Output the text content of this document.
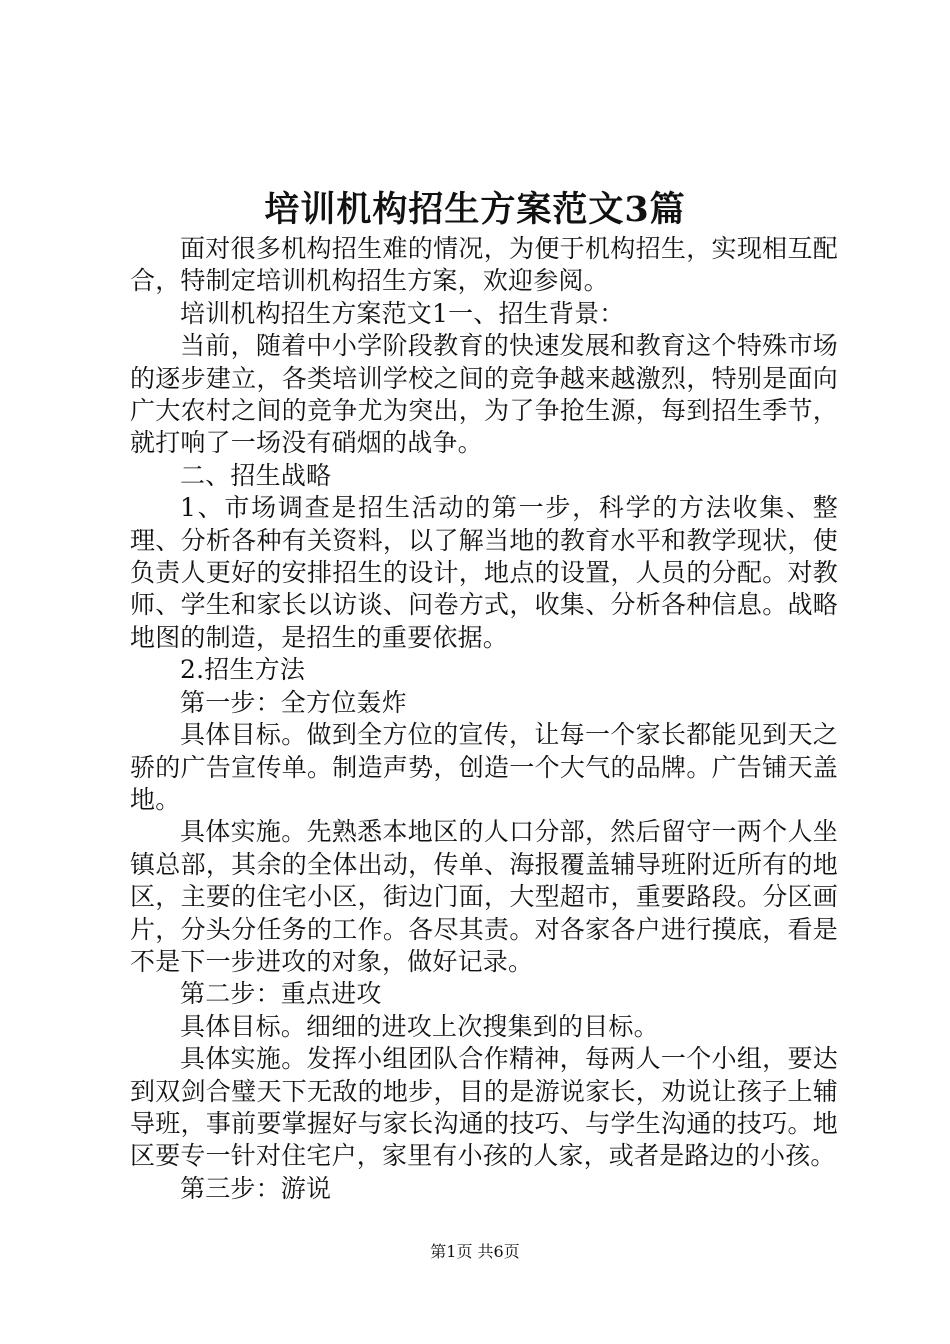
培训机构招生方案范文3篇

面对很多机构招生难的情况，为便于机构招生，实现相互配合，特制定培训机构招生方案，欢迎参阅。

培训机构招生方案范文1一、招生背景：

当前，随着中小学阶段教育的快速发展和教育这个特殊市场的逐步建立，各类培训学校之间的竞争越来越激烈，特别是面向广大农村之间的竞争尤为突出，为了争抢生源，每到招生季节，就打响了一场没有硝烟的战争。

二、招生战略

1、市场调查是招生活动的第一步，科学的方法收集、整理、分析各种有关资料，以了解当地的教育水平和教学现状，使负责人更好的安排招生的设计，地点的设置，人员的分配。对教师、学生和家长以访谈、问卷方式，收集、分析各种信息。战略地图的制造，是招生的重要依据。

2.招生方法

第一步：全方位轰炸

具体目标。做到全方位的宣传，让每一个家长都能见到天之骄的广告宣传单。制造声势，创造一个大气的品牌。广告铺天盖地。

具体实施。先熟悉本地区的人口分部，然后留守一两个人坐镇总部，其余的全体出动，传单、海报覆盖辅导班附近所有的地区，主要的住宅小区，街边门面，大型超市，重要路段。分区画片，分头分任务的工作。各尽其责。对各家各户进行摸底，看是不是下一步进攻的对象，做好记录。

第二步：重点进攻

具体目标。细细的进攻上次搜集到的目标。

具体实施。发挥小组团队合作精神，每两人一个小组，要达到双剑合璧天下无敌的地步，目的是游说家长，劝说让孩子上辅导班，事前要掌握好与家长沟通的技巧、与学生沟通的技巧。地区要专一针对住宅户，家里有小孩的人家，或者是路边的小孩。

第三步：游说

第1页 共6页
